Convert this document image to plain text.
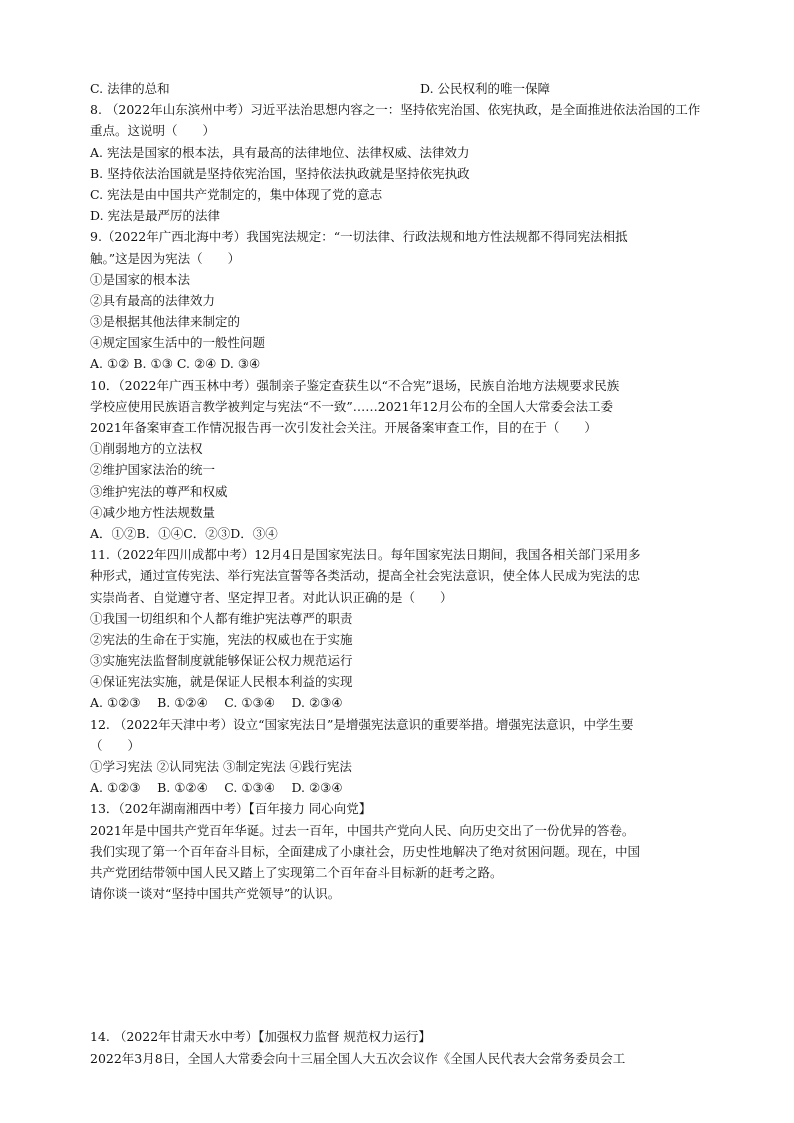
C. 法律的总和	D. 公民权利的唯一保障
8. （2022年山东滨州中考）习近平法治思想内容之一：坚持依宪治国、依宪执政，是全面推进依法治国的工作重点。这说明（　　）
A. 宪法是国家的根本法，具有最高的法律地位、法律权威、法律效力
B. 坚持依法治国就是坚持依宪治国，坚持依法执政就是坚持依宪执政
C. 宪法是由中国共产党制定的，集中体现了党的意志
D. 宪法是最严厉的法律
9.（2022年广西北海中考）我国宪法规定：“一切法律、行政法规和地方性法规都不得同宪法相抵
触。”这是因为宪法（　　）
①是国家的根本法
②具有最高的法律效力
③是根据其他法律来制定的
④规定国家生活中的一般性问题
A. ①② B. ①③ C. ②④ D. ③④
10．（2022年广西玉林中考）强制亲子鉴定查获生以“不合宪”退场，民族自治地方法规要求民族
学校应使用民族语言教学被判定与宪法“不一致”……2021年12月公布的全国人大常委会法工委
2021年备案审查工作情况报告再一次引发社会关注。开展备案审查工作，目的在于（　　）
①削弱地方的立法权
②维护国家法治的统一
③维护宪法的尊严和权威
④减少地方性法规数量
A．①②B．①④C．②③D．③④
11.（2022年四川成都中考）12月4日是国家宪法日。每年国家宪法日期间，我国各相关部门采用多
种形式，通过宣传宪法、举行宪法宣誓等各类活动，提高全社会宪法意识，使全体人民成为宪法的忠
实崇尚者、自觉遵守者、坚定捍卫者。对此认识正确的是（　　）
①我国一切组织和个人都有维护宪法尊严的职责
②宪法的生命在于实施，宪法的权威也在于实施
③实施宪法监督制度就能够保证公权力规范运行
④保证宪法实施，就是保证人民根本利益的实现
A. ①②③　 B. ①②④　 C. ①③④　 D. ②③④
12. （2022年天津中考）设立“国家宪法日”是增强宪法意识的重要举措。增强宪法意识，中学生要
（　　）
①学习宪法 ②认同宪法 ③制定宪法 ④践行宪法
A. ①②③　 B. ①②④　 C. ①③④　 D. ②③④
13．（202年湖南湘西中考）【百年接力 同心向党】
2021年是中国共产党百年华诞。过去一百年，中国共产党向人民、向历史交出了一份优异的答卷。
我们实现了第一个百年奋斗目标，全面建成了小康社会，历史性地解决了绝对贫困问题。现在，中国
共产党团结带领中国人民又踏上了实现第二个百年奋斗目标新的赶考之路。
请你谈一谈对“坚持中国共产党领导”的认识。
14. （2022年甘肃天水中考）【加强权力监督 规范权力运行】
2022年3月8日，全国人大常委会向十三届全国人大五次会议作《全国人民代表大会常务委员会工
